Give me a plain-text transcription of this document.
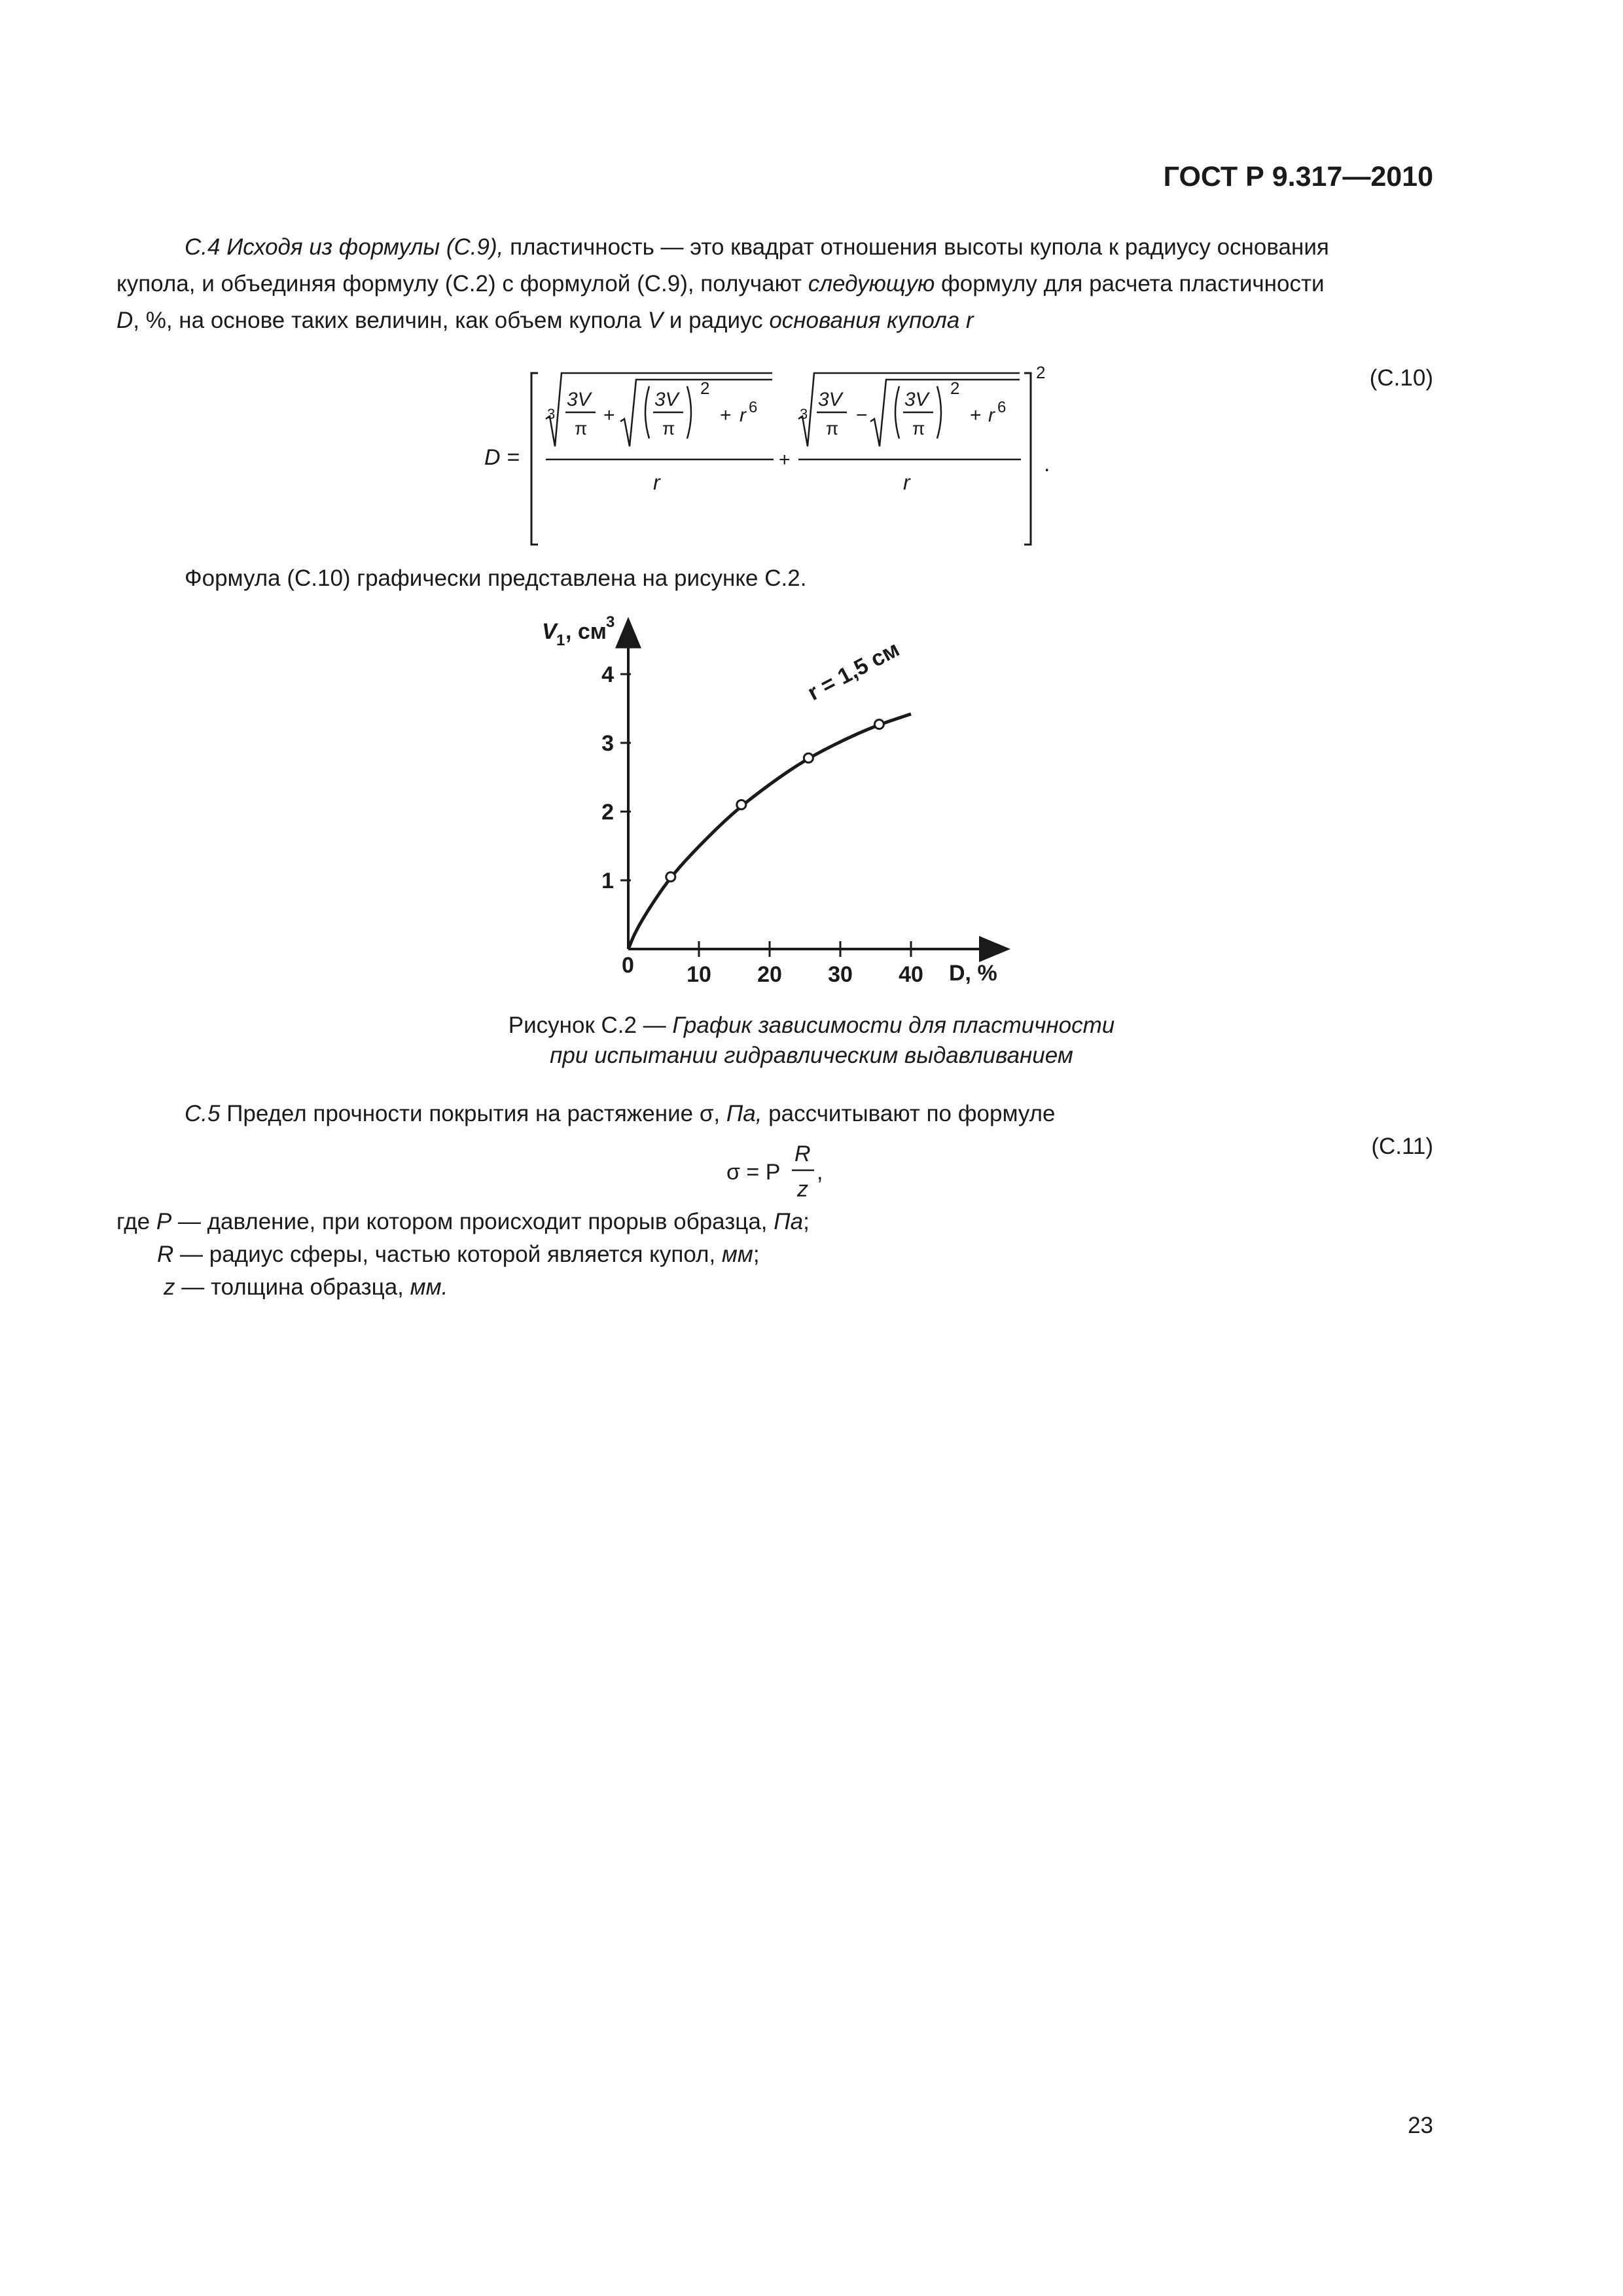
ГОСТ Р 9.317—2010
С.4 Исходя из формулы (С.9), пластичность — это квадрат отношения высоты купола к радиусу основания
купола, и объединяя формулу (С.2) с формулой (С.9), получают следующую формулу для расчета пластичности
D, %, на основе таких величин, как объем купола V и радиус основания купола r
D =
2
.
3
3V
π
+
3V
π
2
+ r 6
r
+
3
3V
π
−
3V
π
2
+ r 6
r
(С.10)
Формула (С.10) графически представлена на рисунке С.2.
10 20 30 40
1
2
3
4	r = 1,5 см
V 1 , см 3
D, %
0
Рисунок С.2 — График зависимости для пластичности
при испытании гидравлическим выдавливанием
С.5 Предел прочности покрытия на растяжение σ, Па, рассчитывают по формуле
σ = P
R
z
,
(С.11)
где P — давление, при котором происходит прорыв образца, Па;
R — радиус сферы, частью которой является купол, мм;
z — толщина образца, мм.
23
